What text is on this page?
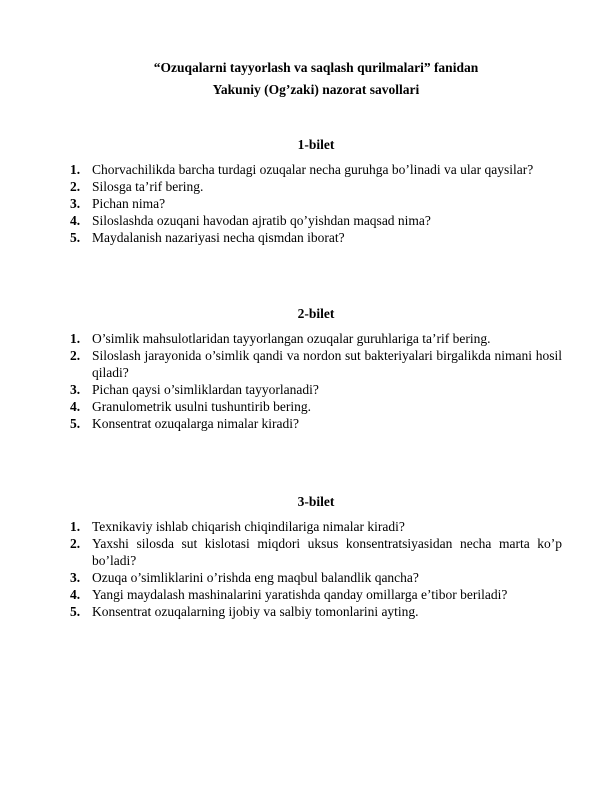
“Ozuqalarni tayyorlash va saqlash qurilmalari” fanidan
Yakuniy (Og’zaki) nazorat savollari
1-bilet
1. Chorvachilikda barcha turdagi ozuqalar necha guruhga bo’linadi va ular qaysilar?
2. Silosga ta’rif bering.
3. Pichan nima?
4. Siloslashda ozuqani havodan ajratib qo’yishdan maqsad nima?
5. Maydalanish nazariyasi necha qismdan iborat?
2-bilet
1. O’simlik mahsulotlaridan tayyorlangan ozuqalar guruhlariga ta’rif bering.
2. Siloslash jarayonida o’simlik qandi va nordon sut bakteriyalari birgalikda nimani hosil qiladi?
3. Pichan qaysi o’simliklardan tayyorlanadi?
4. Granulometrik usulni tushuntirib bering.
5. Konsentrat ozuqalarga nimalar kiradi?
3-bilet
1. Texnikaviy ishlab chiqarish chiqindilariga nimalar kiradi?
2. Yaxshi silosda sut kislotasi miqdori uksus konsentratsiyasidan necha marta ko’p bo’ladi?
3. Ozuqa o’simliklarini o’rishda eng maqbul balandlik qancha?
4. Yangi maydalash mashinalarini yaratishda qanday omillarga e’tibor beriladi?
5. Konsentrat ozuqalarning ijobiy va salbiy tomonlarini ayting.
